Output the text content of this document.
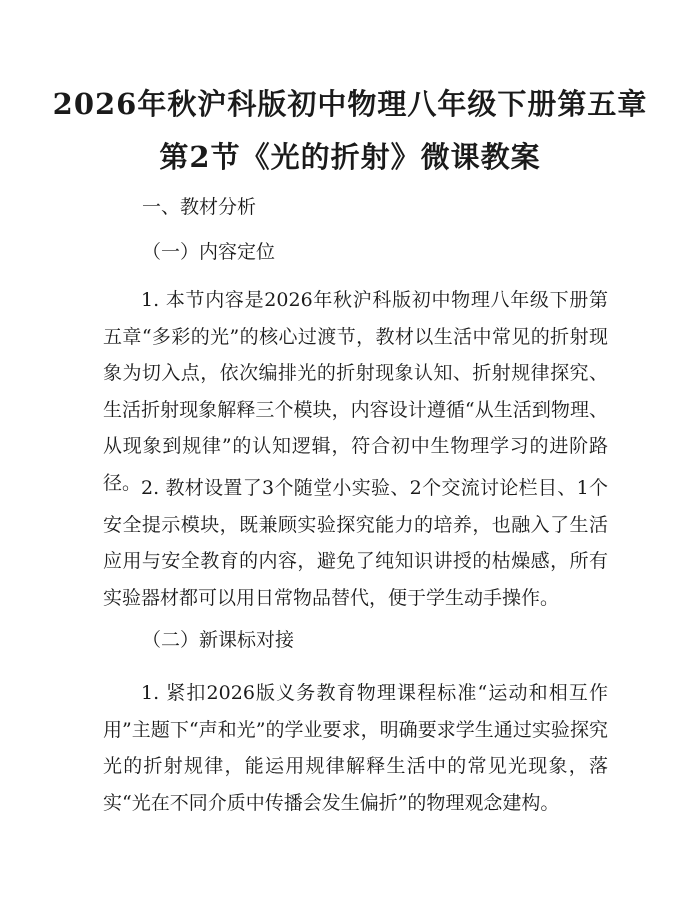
2026年秋沪科版初中物理八年级下册第五章
第2节《光的折射》微课教案
一、教材分析
（一）内容定位
1. 本节内容是2026年秋沪科版初中物理八年级下册第五章“多彩的光”的核心过渡节，教材以生活中常见的折射现象为切入点，依次编排光的折射现象认知、折射规律探究、生活折射现象解释三个模块，内容设计遵循“从生活到物理、从现象到规律”的认知逻辑，符合初中生物理学习的进阶路径。 2. 教材设置了3个随堂小实验、2个交流讨论栏目、1个安全提示模块，既兼顾实验探究能力的培养，也融入了生活应用与安全教育的内容，避免了纯知识讲授的枯燥感，所有实验器材都可以用日常物品替代，便于学生动手操作。
（二）新课标对接
1. 紧扣2026版义务教育物理课程标准“运动和相互作用”主题下“声和光”的学业要求，明确要求学生通过实验探究光的折射规律，能运用规律解释生活中的常见光现象，落实“光在不同介质中传播会发生偏折”的物理观念建构。
